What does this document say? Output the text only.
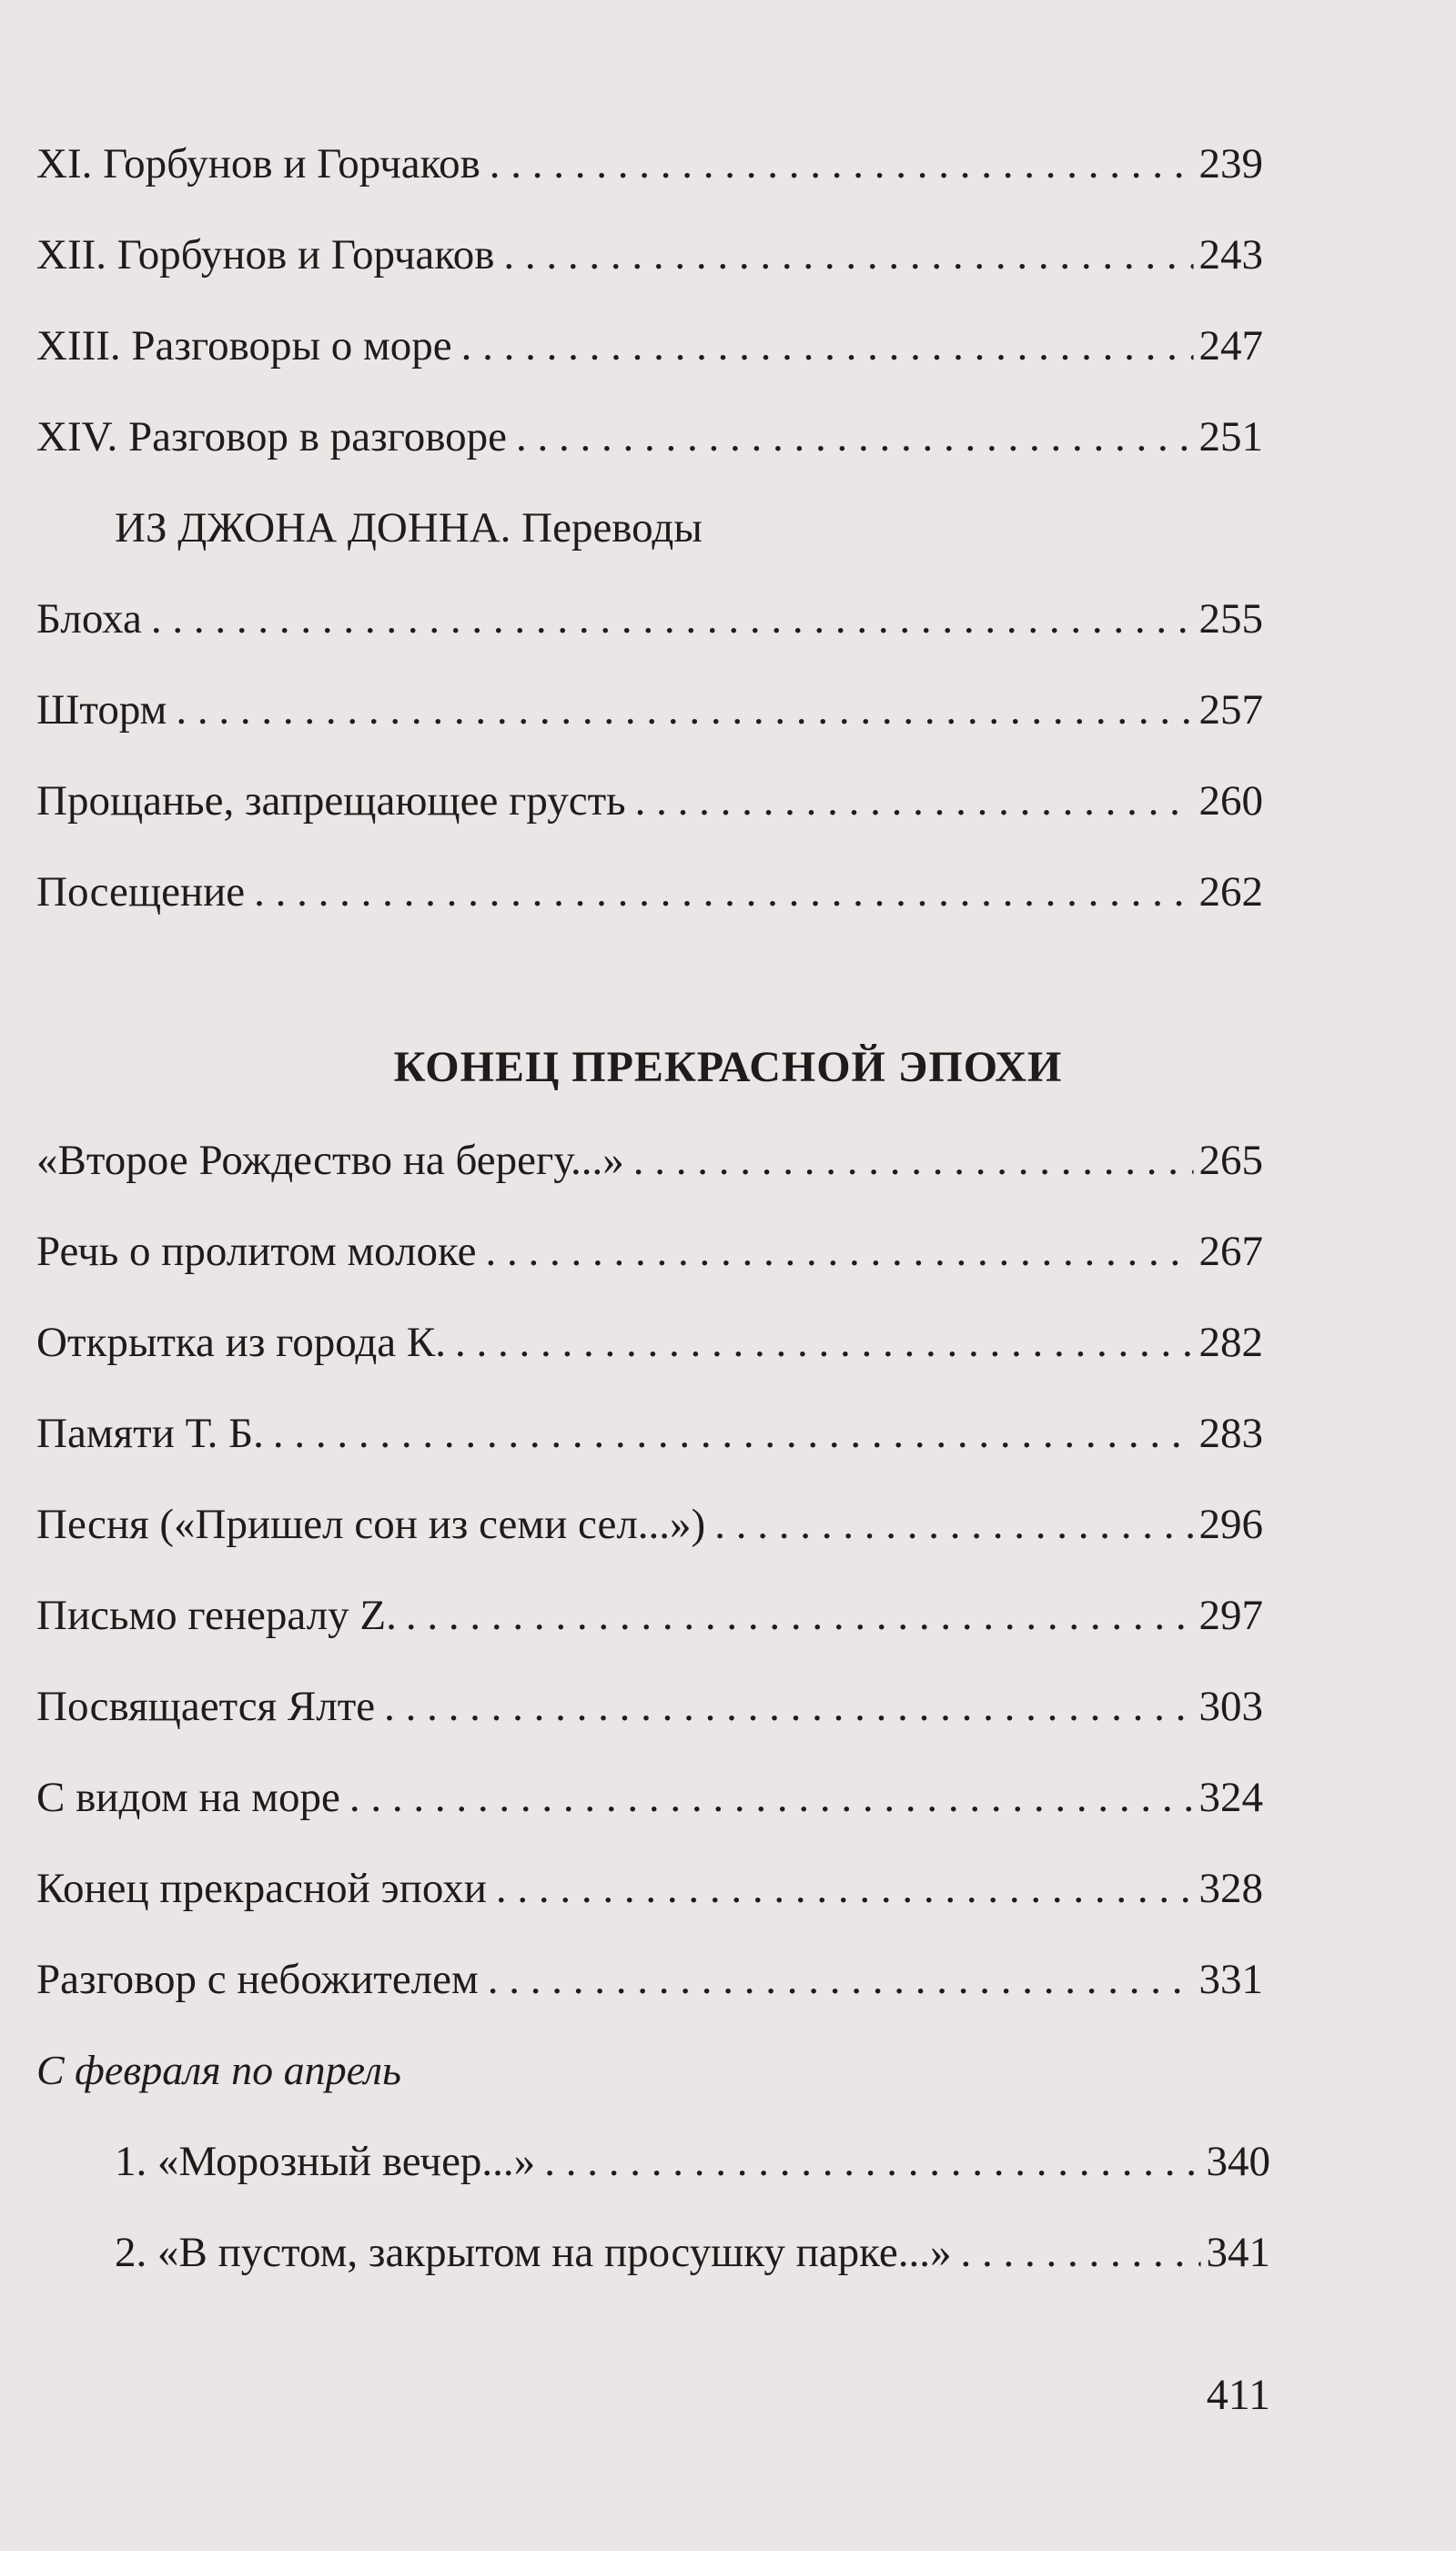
XI. Горбунов и Горчаков . . .	239
XII. Горбунов и Горчаков . . .	243
XIII. Разговоры о море . . .	247
XIV. Разговор в разговоре . . .	251
ИЗ ДЖОНА ДОННА. Переводы
Блоха . . .	255
Шторм . . .	257
Прощанье, запрещающее грусть . . .	260
Посещение . . .	262
КОНЕЦ ПРЕКРАСНОЙ ЭПОХИ
«Второе Рождество на берегу...» . . .	265
Речь о пролитом молоке . . .	267
Открытка из города К. . . .	282
Памяти Т. Б. . . .	283
Песня («Пришел сон из семи сел...») . . .	296
Письмо генералу Z. . . .	297
Посвящается Ялте . . .	303
С видом на море . . .	324
Конец прекрасной эпохи . . .	328
Разговор с небожителем . . .	331
С февраля по апрель
1. «Морозный вечер...» . . .	340
2. «В пустом, закрытом на просушку парке...» . . .	341
411
